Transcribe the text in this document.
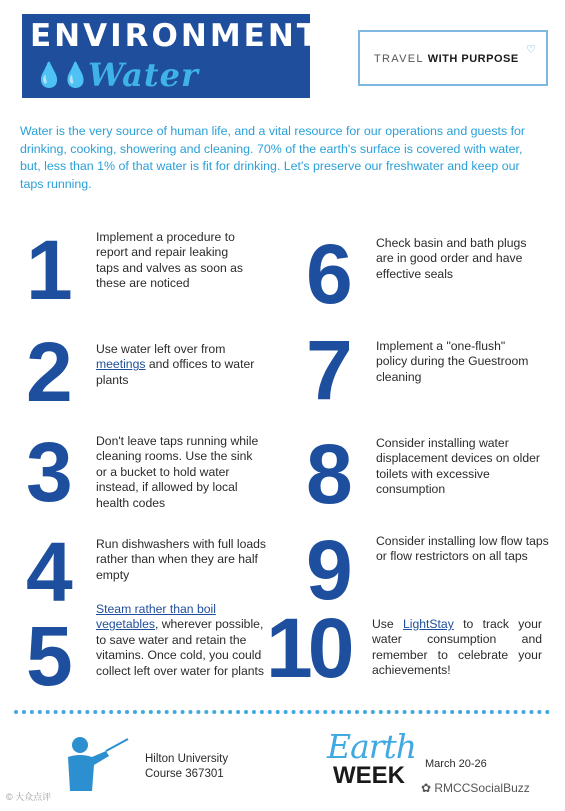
ENVIRONMENT
💧💧 Water
♡
TRAVEL WITH PURPOSE

Water is the very source of human life, and a vital resource for our operations and guests for drinking, cooking, showering and cleaning. 70% of the earth's surface is covered with water, but, less than 1% of that water is fit for drinking. Let's preserve our freshwater and keep our taps running.

1 Implement a procedure to report and repair leaking taps and valves as soon as these are noticed

2 Use water left over from meetings and offices to water plants

3 Don't leave taps running while cleaning rooms. Use the sink or a bucket to hold water instead, if allowed by local health codes

4 Run dishwashers with full loads rather than when they are half empty

5 Steam rather than boil vegetables, wherever possible, to save water and retain the vitamins. Once cold, you could collect left over water for plants

6 Check basin and bath plugs are in good order and have effective seals

7 Implement a "one-flush" policy during the Guestroom cleaning

8 Consider installing water displacement devices on older toilets with excessive consumption

9 Consider installing low flow taps or flow restrictors on all taps

10 Use LightStay to track your water consumption and remember to celebrate your achievements!

Hilton University
Course 367301
Earth
WEEK March 20-26
✿ RMCCSocialBuzz
© 大众点评
